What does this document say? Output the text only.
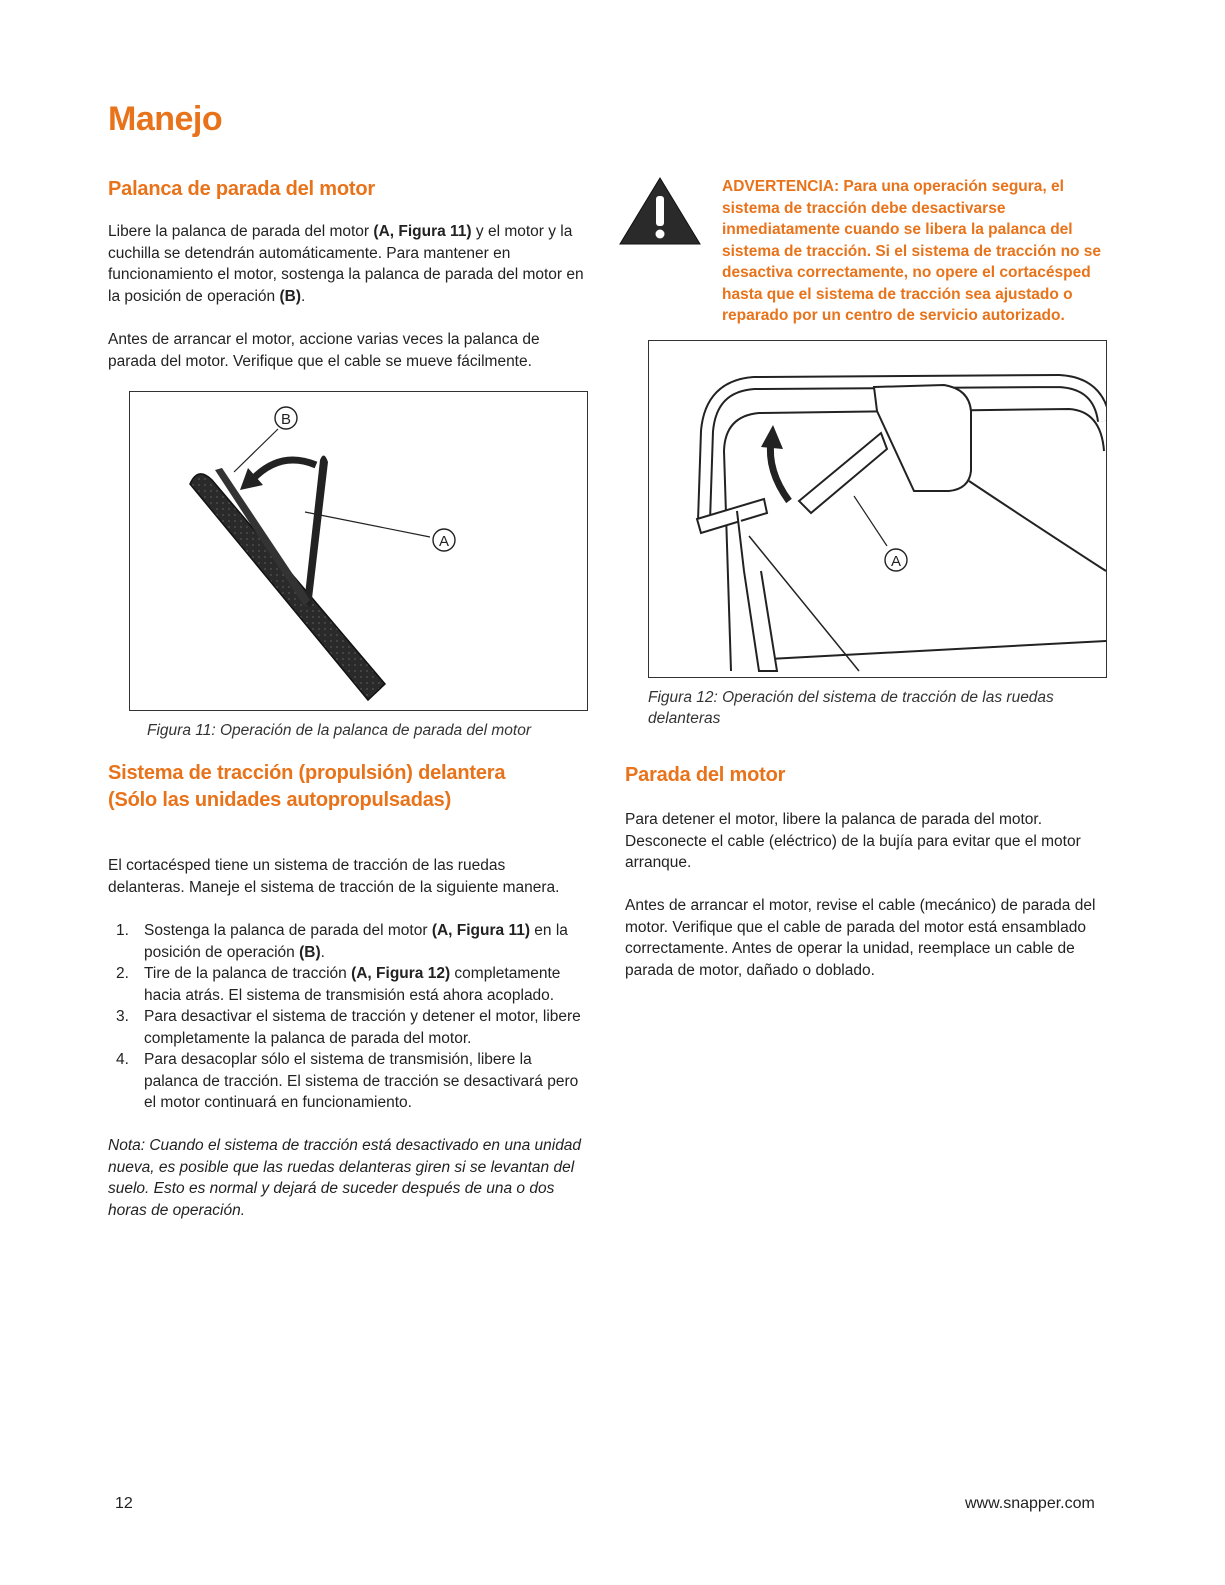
Manejo
Palanca de parada del motor

Libere la palanca de parada del motor (A, Figura 11) y el motor y la cuchilla se detendrán automáticamente. Para mantener en funcionamiento el motor, sostenga la palanca de parada del motor en la posición de operación (B).

Antes de arrancar el motor, accione varias veces la palanca de parada del motor. Verifique que el cable se mueve fácilmente.

A
B

Figura 11: Operación de la palanca de parada del motor

Sistema de tracción (propulsión) delantera
(Sólo las unidades autopropulsadas)

El cortacésped tiene un sistema de tracción de las ruedas delanteras. Maneje el sistema de tracción de la siguiente manera.

1. Sostenga la palanca de parada del motor (A, Figura 11) en la posición de operación (B).
2. Tire de la palanca de tracción (A, Figura 12) completamente hacia atrás. El sistema de transmisión está ahora acoplado.
3. Para desactivar el sistema de tracción y detener el motor, libere completamente la palanca de parada del motor.
4. Para desacoplar sólo el sistema de transmisión, libere la palanca de tracción. El sistema de tracción se desactivará pero el motor continuará en funcionamiento.

Nota: Cuando el sistema de tracción está desactivado en una unidad nueva, es posible que las ruedas delanteras giren si se levantan del suelo. Esto es normal y dejará de suceder después de una o dos horas de operación.

ADVERTENCIA: Para una operación segura, el sistema de tracción debe desactivarse inmediatamente cuando se libera la palanca del sistema de tracción. Si el sistema de tracción no se desactiva correctamente, no opere el cortacésped hasta que el sistema de tracción sea ajustado o reparado por un centro de servicio autorizado.

A

Figura 12: Operación del sistema de tracción de las ruedas delanteras

Parada del motor

Para detener el motor, libere la palanca de parada del motor. Desconecte el cable (eléctrico) de la bujía para evitar que el motor arranque.

Antes de arrancar el motor, revise el cable (mecánico) de parada del motor. Verifique que el cable de parada del motor está ensamblado correctamente. Antes de operar la unidad, reemplace un cable de parada de motor, dañado o doblado.

12	www.snapper.com
